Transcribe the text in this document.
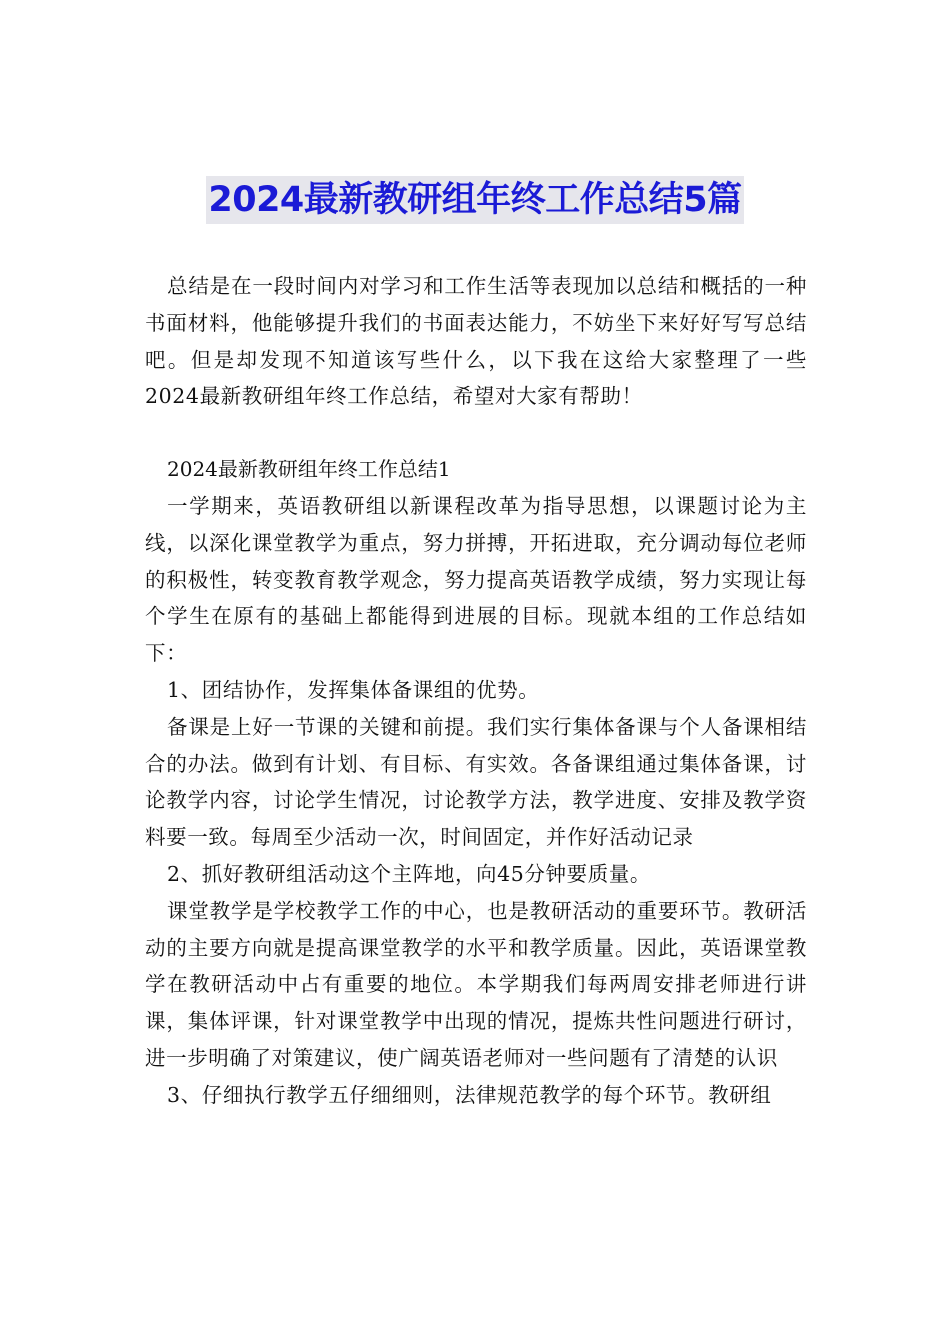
2024最新教研组年终工作总结5篇

总结是在一段时间内对学习和工作生活等表现加以总结和概括的一种书面材料，他能够提升我们的书面表达能力，不妨坐下来好好写写总结吧。但是却发现不知道该写些什么，以下我在这给大家整理了一些2024最新教研组年终工作总结，希望对大家有帮助！

2024最新教研组年终工作总结1

一学期来，英语教研组以新课程改革为指导思想，以课题讨论为主线，以深化课堂教学为重点，努力拼搏，开拓进取，充分调动每位老师的积极性，转变教育教学观念，努力提高英语教学成绩，努力实现让每个学生在原有的基础上都能得到进展的目标。现就本组的工作总结如下：

1、团结协作，发挥集体备课组的优势。

备课是上好一节课的关键和前提。我们实行集体备课与个人备课相结合的办法。做到有计划、有目标、有实效。各备课组通过集体备课，讨论教学内容，讨论学生情况，讨论教学方法，教学进度、安排及教学资料要一致。每周至少活动一次，时间固定，并作好活动记录

2、抓好教研组活动这个主阵地，向45分钟要质量。

课堂教学是学校教学工作的中心，也是教研活动的重要环节。教研活动的主要方向就是提高课堂教学的水平和教学质量。因此，英语课堂教学在教研活动中占有重要的地位。本学期我们每两周安排老师进行讲课，集体评课，针对课堂教学中出现的情况，提炼共性问题进行研讨，进一步明确了对策建议，使广阔英语老师对一些问题有了清楚的认识

3、仔细执行教学五仔细细则，法律规范教学的每个环节。教研组
